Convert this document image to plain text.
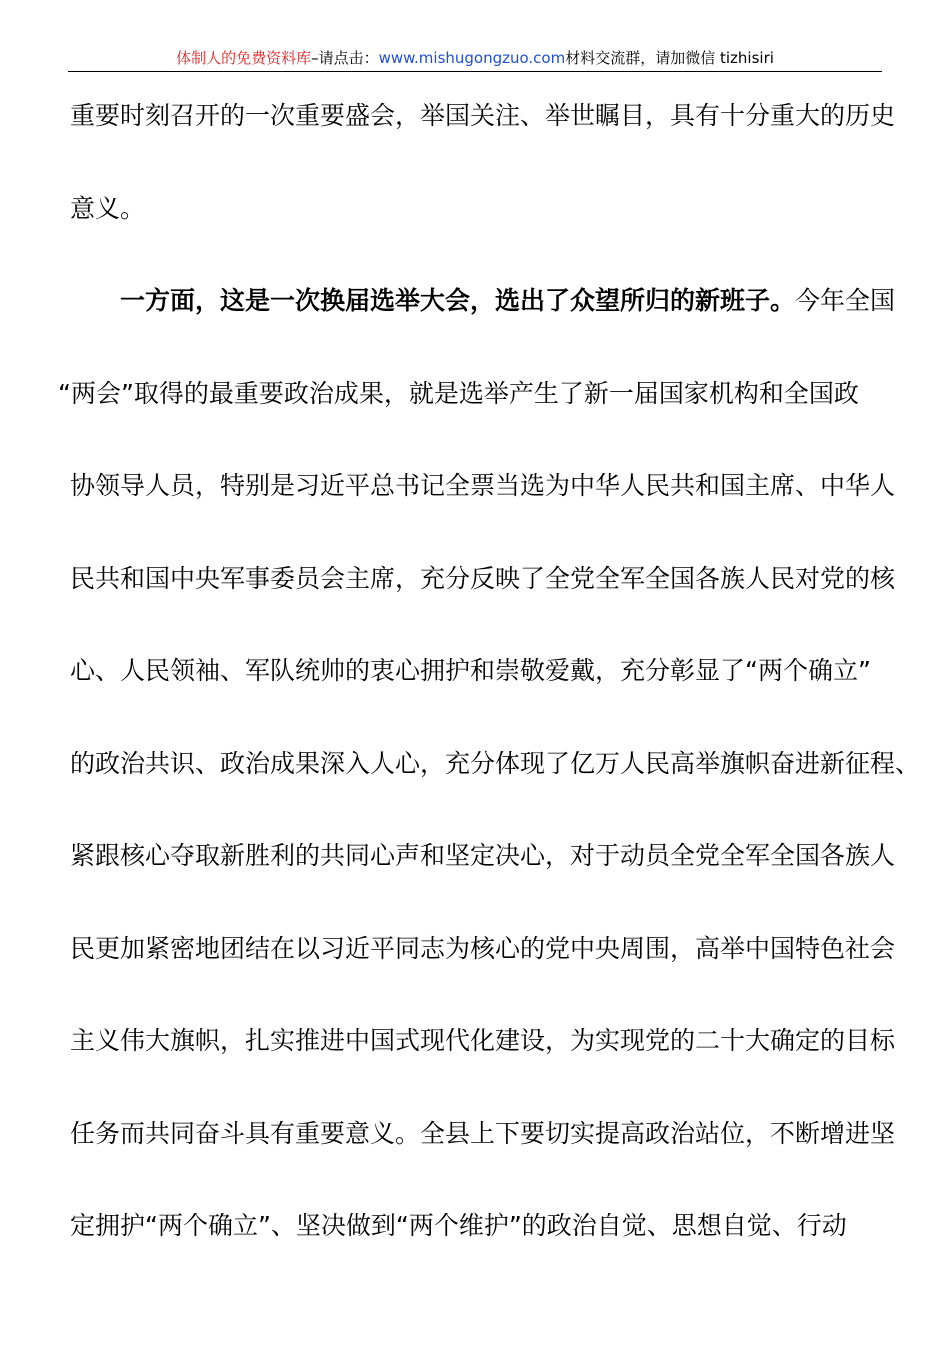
体制人的免费资料库–请点击：www.mishugongzuo.com材料交流群，请加微信 tizhisiri
重要时刻召开的一次重要盛会，举国关注、举世瞩目，具有十分重大的历史
意义。
一方面，这是一次换届选举大会，选出了众望所归的新班子。今年全国
“两会”取得的最重要政治成果，就是选举产生了新一届国家机构和全国政
协领导人员，特别是习近平总书记全票当选为中华人民共和国主席、中华人
民共和国中央军事委员会主席，充分反映了全党全军全国各族人民对党的核
心、人民领袖、军队统帅的衷心拥护和崇敬爱戴，充分彰显了“两个确立”
的政治共识、政治成果深入人心，充分体现了亿万人民高举旗帜奋进新征程、
紧跟核心夺取新胜利的共同心声和坚定决心，对于动员全党全军全国各族人
民更加紧密地团结在以习近平同志为核心的党中央周围，高举中国特色社会
主义伟大旗帜，扎实推进中国式现代化建设，为实现党的二十大确定的目标
任务而共同奋斗具有重要意义。全县上下要切实提高政治站位，不断增进坚
定拥护“两个确立”、坚决做到“两个维护”的政治自觉、思想自觉、行动
